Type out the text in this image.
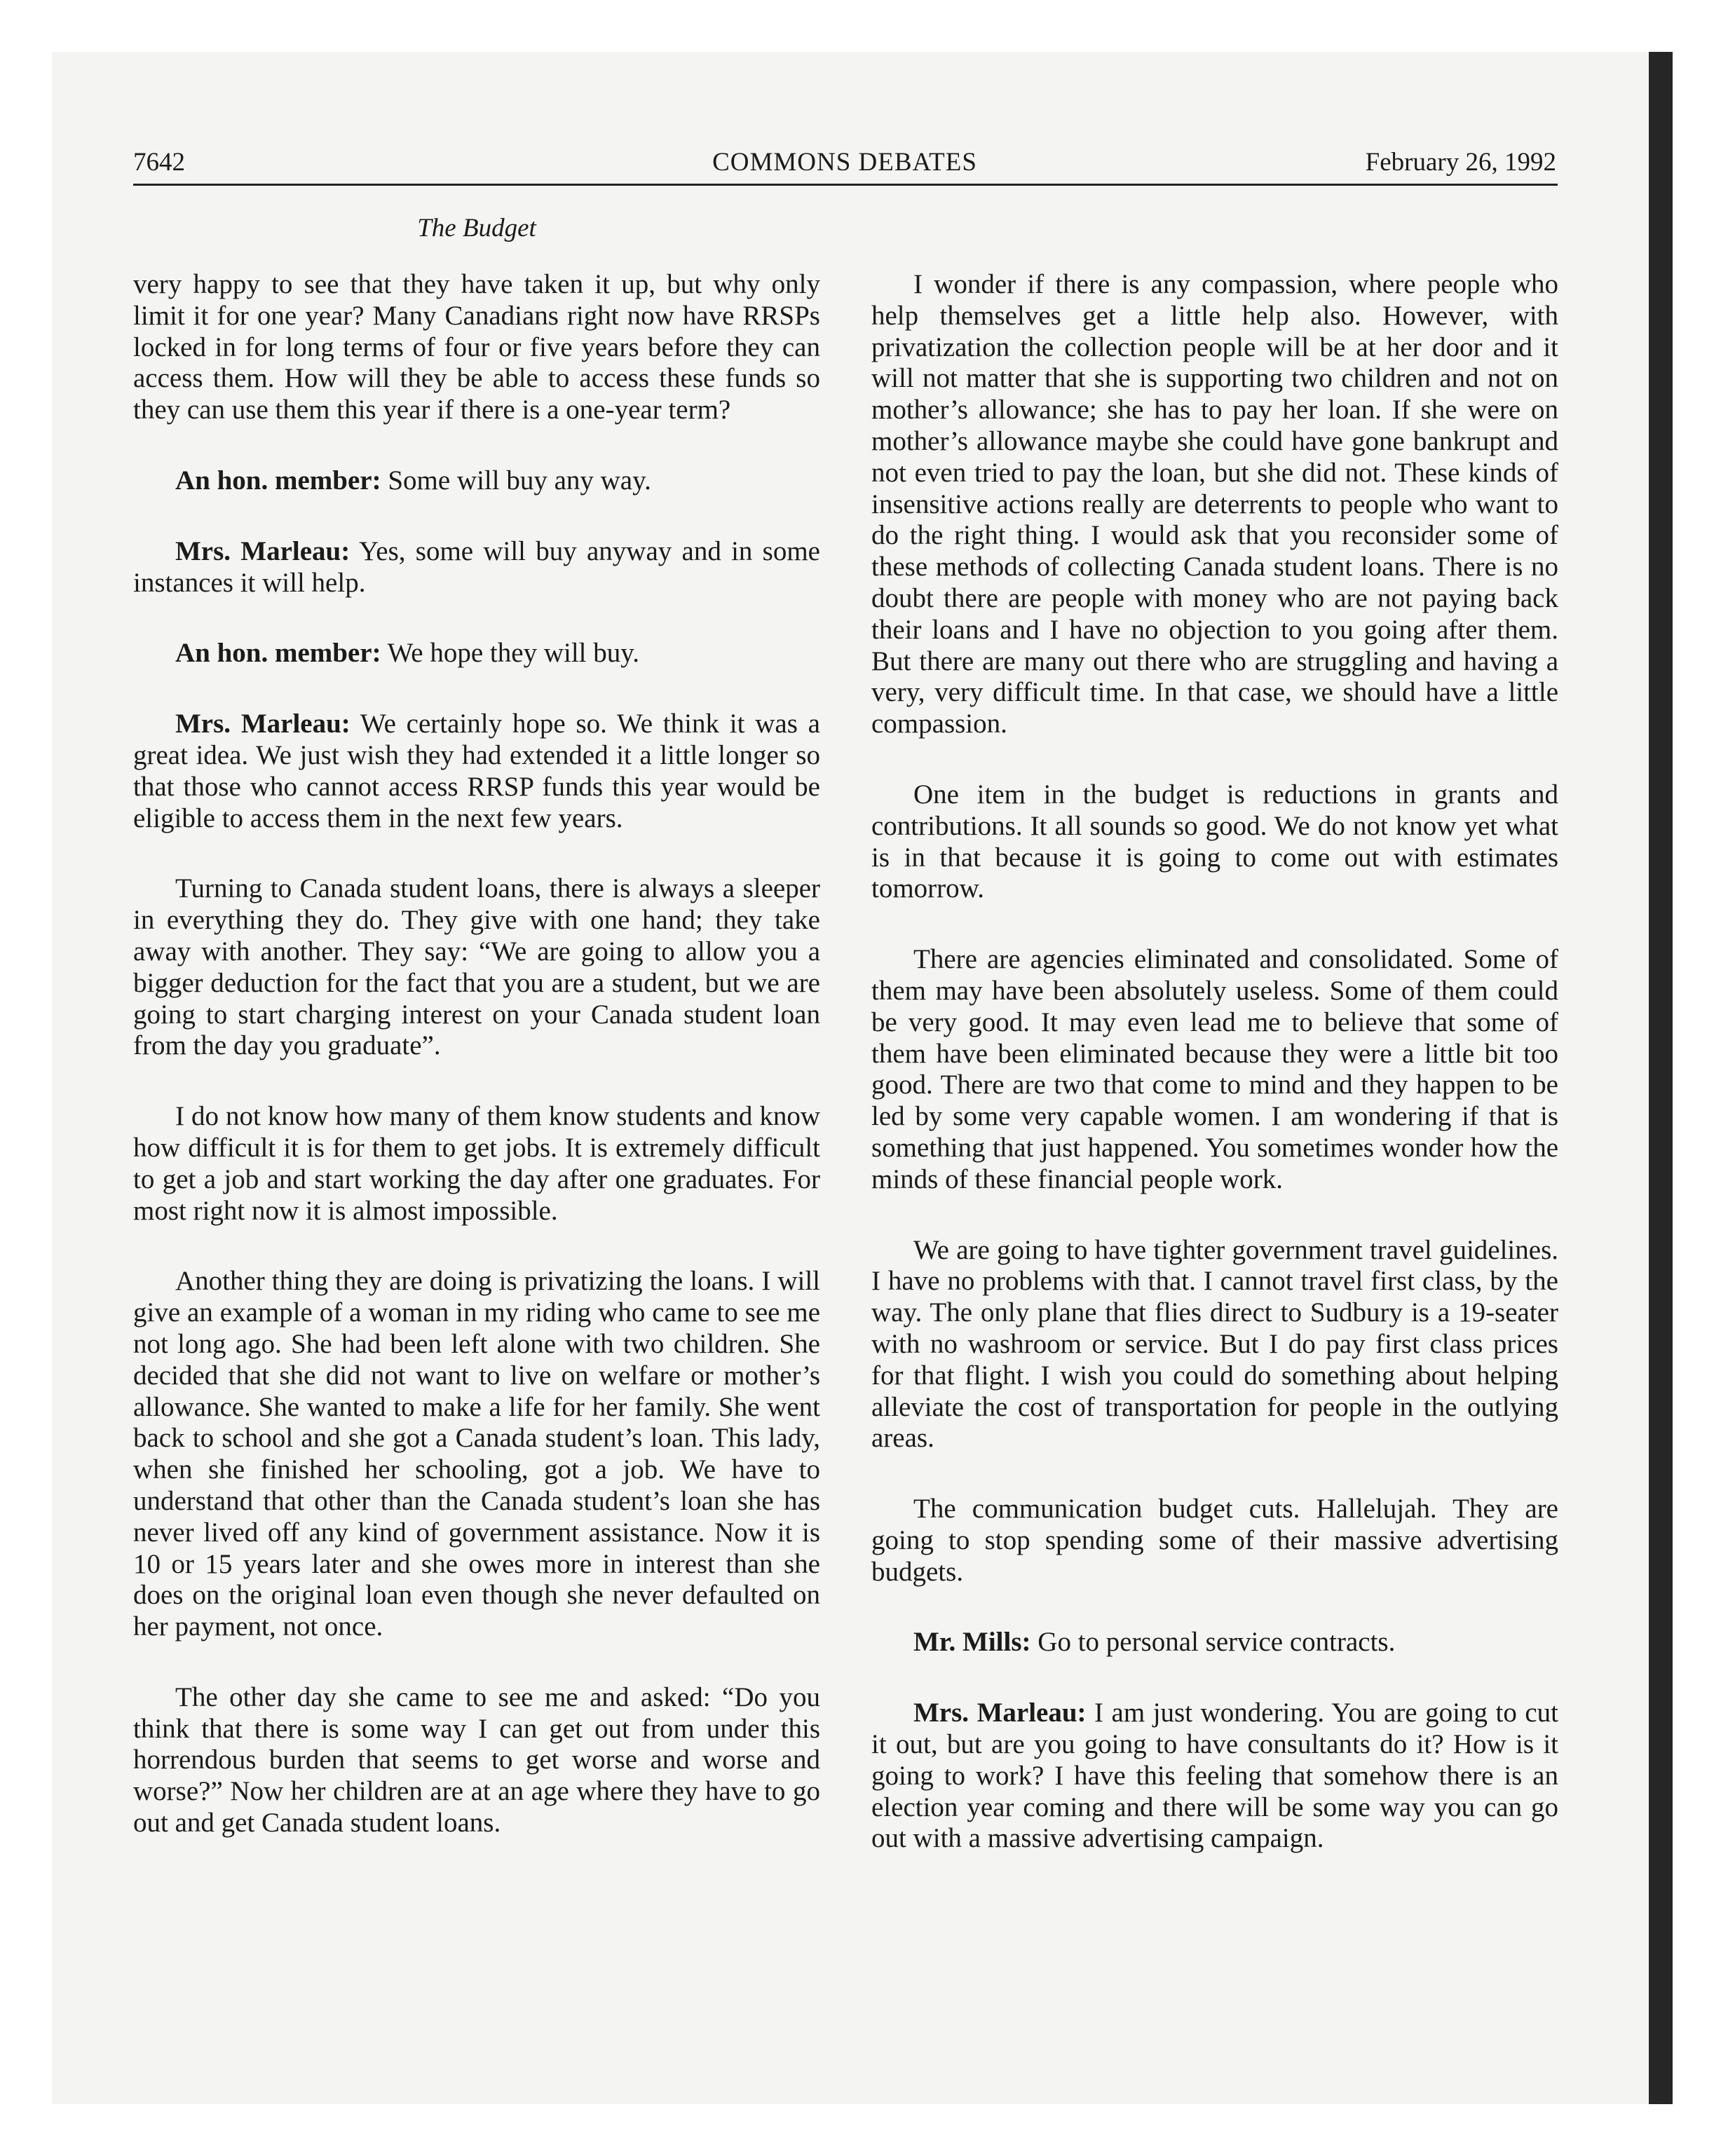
7642	COMMONS DEBATES	February 26, 1992
The Budget

very happy to see that they have taken it up, but why only limit it for one year? Many Canadians right now have RRSPs locked in for long terms of four or five years before they can access them. How will they be able to access these funds so they can use them this year if there is a one-year term?

An hon. member: Some will buy any way.

Mrs. Marleau: Yes, some will buy anyway and in some instances it will help.

An hon. member: We hope they will buy.

Mrs. Marleau: We certainly hope so. We think it was a great idea. We just wish they had extended it a little longer so that those who cannot access RRSP funds this year would be eligible to access them in the next few years.

Turning to Canada student loans, there is always a sleeper in everything they do. They give with one hand; they take away with another. They say: “We are going to allow you a bigger deduction for the fact that you are a student, but we are going to start charging interest on your Canada student loan from the day you graduate”.

I do not know how many of them know students and know how difficult it is for them to get jobs. It is extremely difficult to get a job and start working the day after one graduates. For most right now it is almost impossible.

Another thing they are doing is privatizing the loans. I will give an example of a woman in my riding who came to see me not long ago. She had been left alone with two children. She decided that she did not want to live on welfare or mother’s allowance. She wanted to make a life for her family. She went back to school and she got a Canada student’s loan. This lady, when she finished her schooling, got a job. We have to understand that other than the Canada student’s loan she has never lived off any kind of government assistance. Now it is 10 or 15 years later and she owes more in interest than she does on the original loan even though she never defaulted on her payment, not once.

The other day she came to see me and asked: “Do you think that there is some way I can get out from under this horrendous burden that seems to get worse and worse and worse?” Now her children are at an age where they have to go out and get Canada student loans.

I wonder if there is any compassion, where people who help themselves get a little help also. However, with privatization the collection people will be at her door and it will not matter that she is supporting two children and not on mother’s allowance; she has to pay her loan. If she were on mother’s allowance maybe she could have gone bankrupt and not even tried to pay the loan, but she did not. These kinds of insensitive actions really are deterrents to people who want to do the right thing. I would ask that you reconsider some of these methods of collecting Canada student loans. There is no doubt there are people with money who are not paying back their loans and I have no objection to you going after them. But there are many out there who are struggling and having a very, very difficult time. In that case, we should have a little compassion.

One item in the budget is reductions in grants and contributions. It all sounds so good. We do not know yet what is in that because it is going to come out with estimates tomorrow.

There are agencies eliminated and consolidated. Some of them may have been absolutely useless. Some of them could be very good. It may even lead me to believe that some of them have been eliminated because they were a little bit too good. There are two that come to mind and they happen to be led by some very capable women. I am wondering if that is something that just happened. You sometimes wonder how the minds of these financial people work.

We are going to have tighter government travel guidelines. I have no problems with that. I cannot travel first class, by the way. The only plane that flies direct to Sudbury is a 19-seater with no washroom or service. But I do pay first class prices for that flight. I wish you could do something about helping alleviate the cost of transportation for people in the outlying areas.

The communication budget cuts. Hallelujah. They are going to stop spending some of their massive advertising budgets.

Mr. Mills: Go to personal service contracts.

Mrs. Marleau: I am just wondering. You are going to cut it out, but are you going to have consultants do it? How is it going to work? I have this feeling that somehow there is an election year coming and there will be some way you can go out with a massive advertising campaign.
